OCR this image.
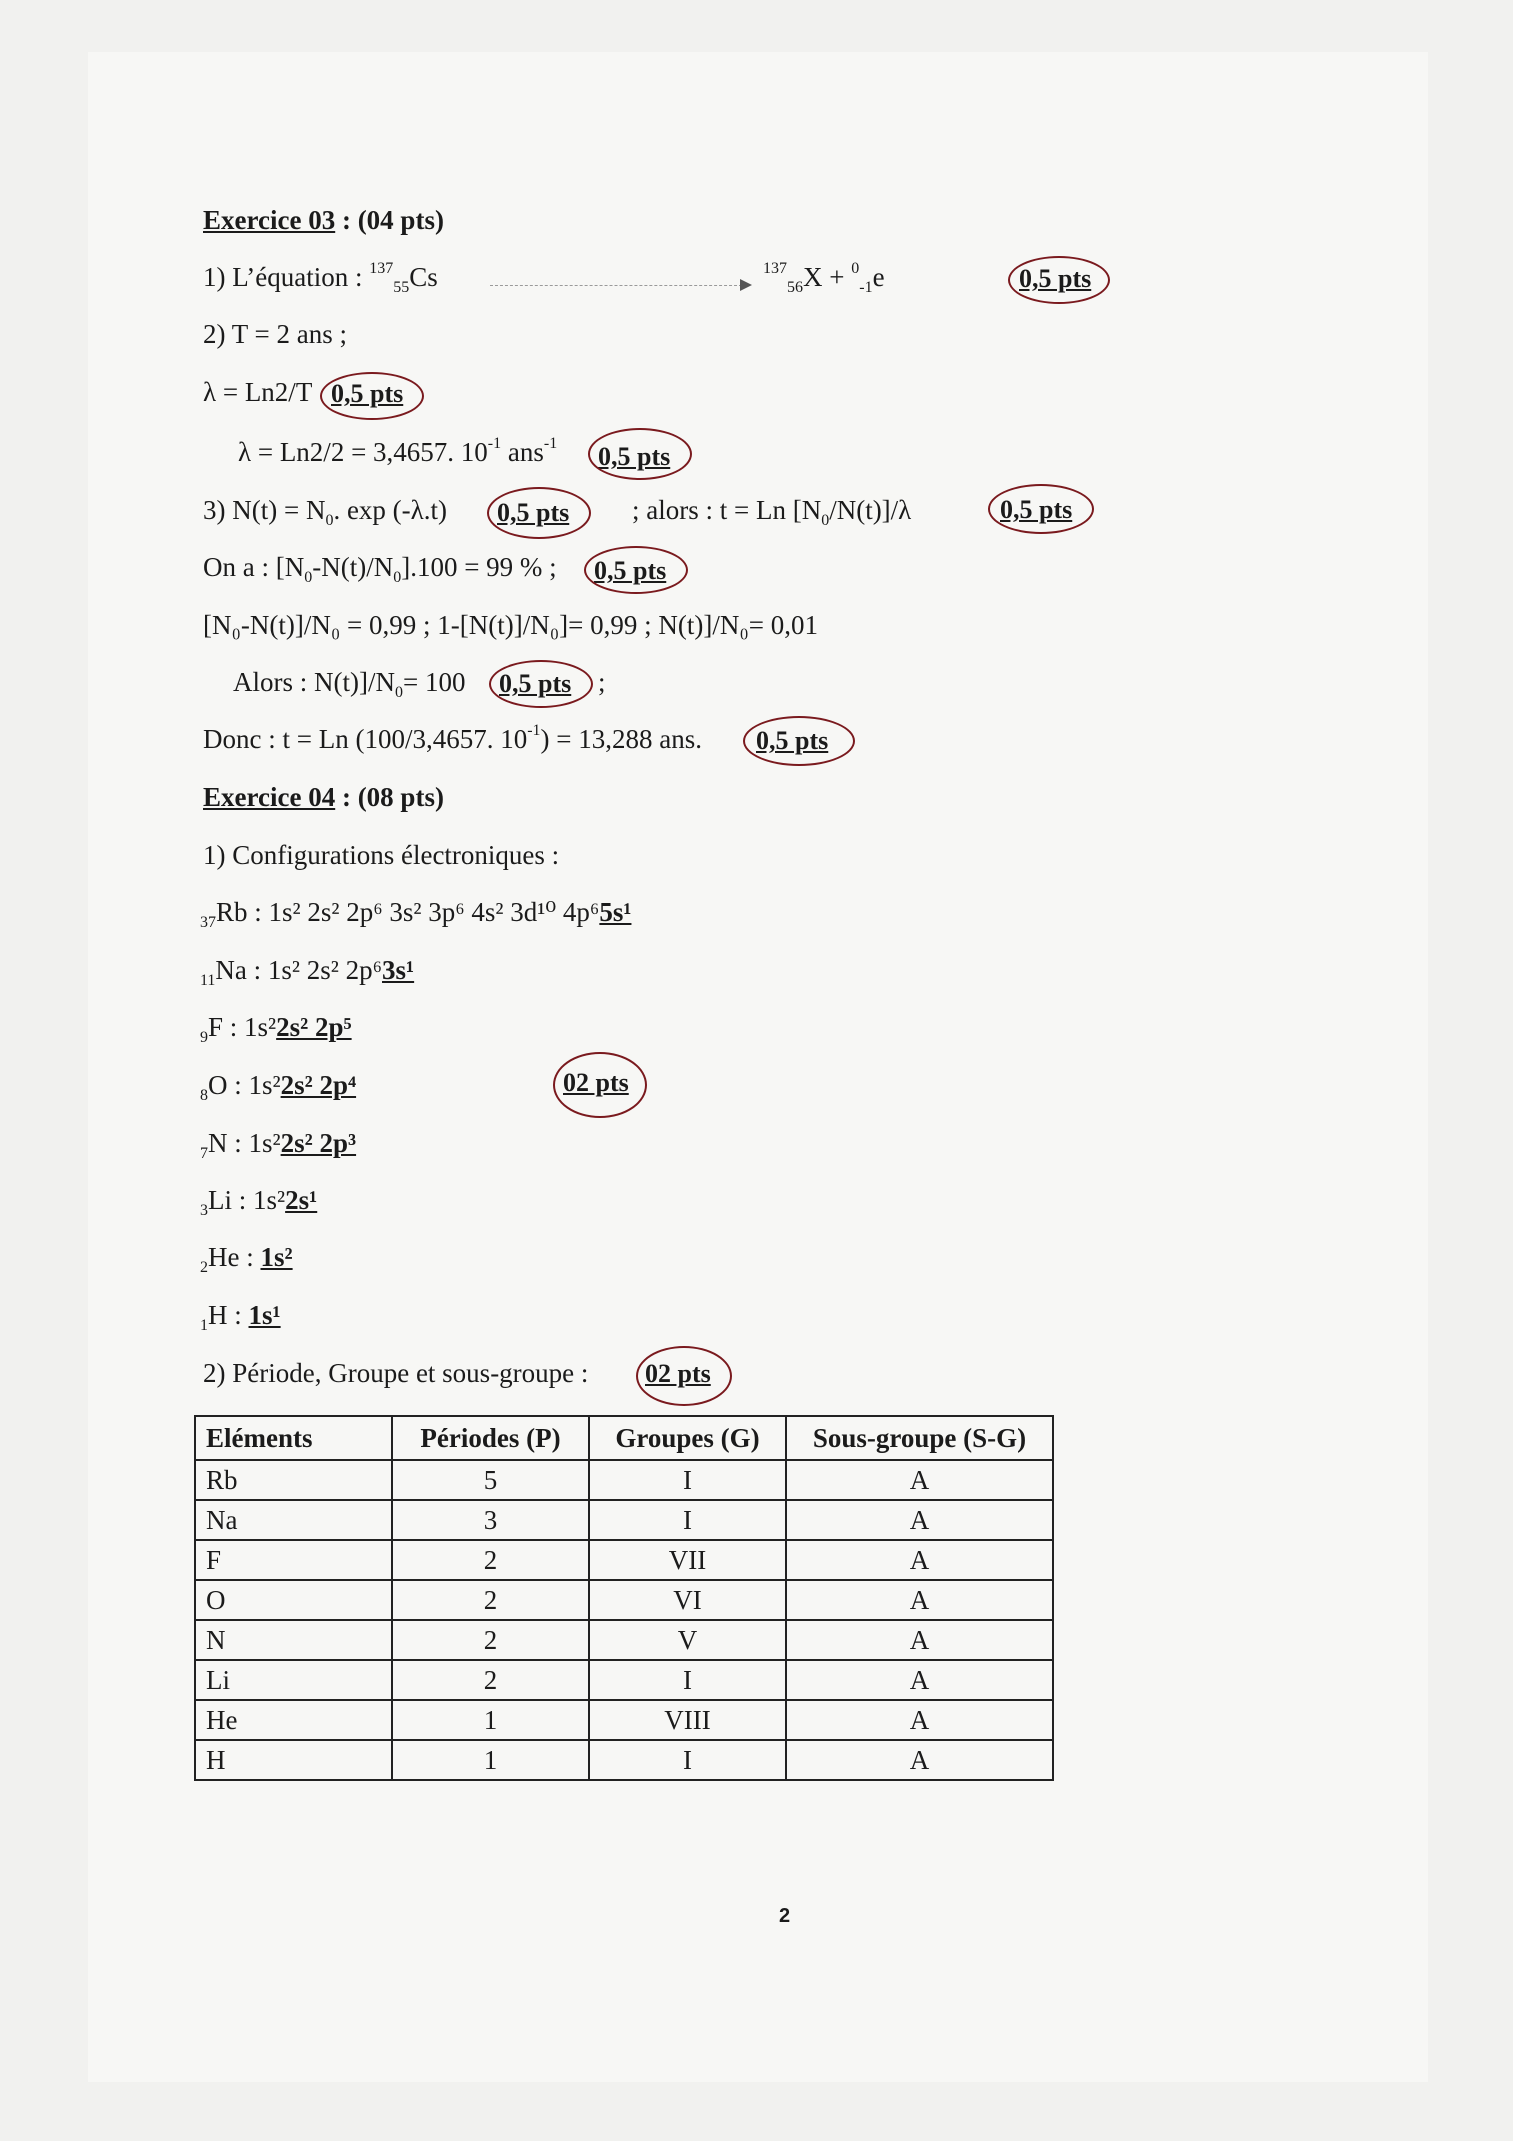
Exercice 03 : (04 pts)
1) L’équation : $^{137}_{55}$Cs	$^{137}_{56}$X + $^0_{-1}$e	0,5 pts
2) T = 2 ans ;
λ = Ln2/T 0,5 pts
λ = Ln2/2 = 3,4657. $10^{-1}$ ans$^{-1}$ 0,5 pts
3) $N(t) = N_0$. exp (-λ.t) 0,5 pts ; alors : t = Ln $[N_0/N(t)]/\lambda$	0,5 pts
On a : $[N_0-N(t)/N_0].100 = 99$ % ; 0,5 pts
[N₀-N(t)]/N₀ = 0,99 ; 1-[N(t)]/N₀]= 0,99 ; N(t)]/N₀= 0,01
Alors : $N(t)]/N_0= 100$ 0,5 pts ;
Donc : t = Ln (100/3,4657. $10^{-1}) = 13,288$ ans. 0,5 pts
Exercice 04 : (08 pts)
1) Configurations électroniques :
$_{37}$Rb : 1s² 2s² 2p⁶ 3s² 3p⁶ 4s² 3d¹⁰ 4p⁶5s¹
$_{11}$Na : 1s² 2s² 2p⁶3s¹
$_9$F : 1s²2s² 2p⁵
$_8$O : 1s²2s² 2p⁴
$_7$N : 1s²2s² 2p³
$_3$Li : 1s²2s¹
$_2$He : 1s²
$_1$H : 1s¹
02 pts
2) Période, Groupe et sous-groupe : 02 pts
Eléments	Périodes (P)	Groupes (G)	Sous-groupe (S-G)
Rb	5	I	A
Na	3	I	A
F	2	VII	A
O	2	VI	A
N	2	V	A
Li	2	I	A
He	1	VIII	A
H	1	I	A
2
